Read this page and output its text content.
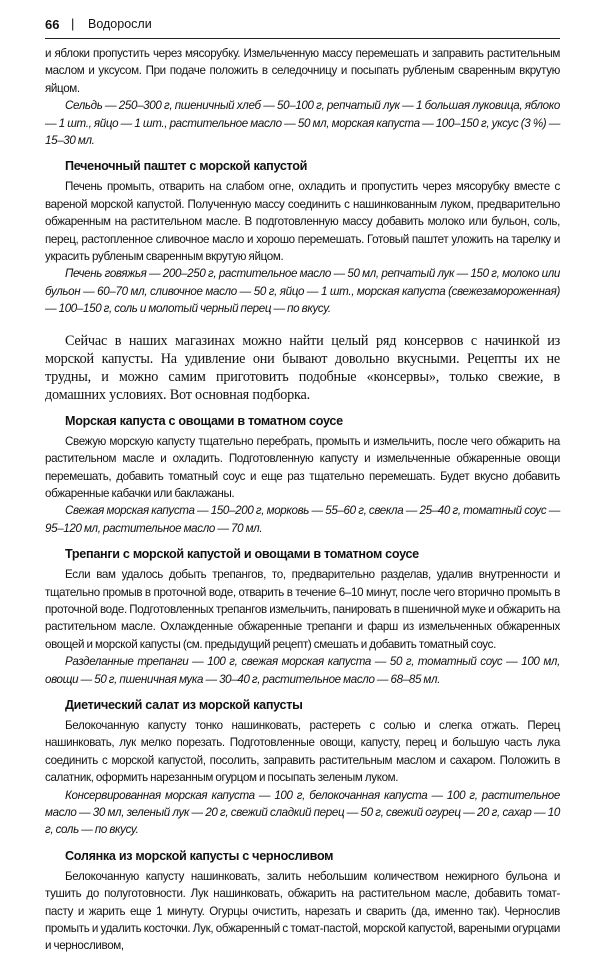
66 | Водоросли

и яблоки пропустить через мясорубку. Измельченную массу перемешать и заправить растительным маслом и уксусом. При подаче положить в селедочницу и посыпать рубленым сваренным вкрутую яйцом.

Сельдь — 250–300 г, пшеничный хлеб — 50–100 г, репчатый лук — 1 большая луковица, яблоко — 1 шт., яйцо — 1 шт., растительное масло — 50 мл, морская капуста — 100–150 г, уксус (3 %) — 15–30 мл.

Печеночный паштет с морской капустой

Печень промыть, отварить на слабом огне, охладить и пропустить через мясорубку вместе с вареной морской капустой. Полученную массу соединить с нашинкованным луком, предварительно обжаренным на растительном масле. В подготовленную массу добавить молоко или бульон, соль, перец, растопленное сливочное масло и хорошо перемешать. Готовый паштет уложить на тарелку и украсить рубленым сваренным вкрутую яйцом.

Печень говяжья — 200–250 г, растительное масло — 50 мл, репчатый лук — 150 г, молоко или бульон — 60–70 мл, сливочное масло — 50 г, яйцо — 1 шт., морская капуста (свежезамороженная) — 100–150 г, соль и молотый черный перец — по вкусу.

Сейчас в наших магазинах можно найти целый ряд консервов с начинкой из морской капусты. На удивление они бывают довольно вкусными. Рецепты их не трудны, и можно самим приготовить подобные «консервы», только свежие, в домашних условиях. Вот основная подборка.

Морская капуста с овощами в томатном соусе

Свежую морскую капусту тщательно перебрать, промыть и измельчить, после чего обжарить на растительном масле и охладить. Подготовленную капусту и измельченные обжаренные овощи перемешать, добавить томатный соус и еще раз тщательно перемешать. Будет вкусно добавить обжаренные кабачки или баклажаны.

Свежая морская капуста — 150–200 г, морковь — 55–60 г, свекла — 25–40 г, томатный соус — 95–120 мл, растительное масло — 70 мл.

Трепанги с морской капустой и овощами в томатном соусе

Если вам удалось добыть трепангов, то, предварительно разделав, удалив внутренности и тщательно промыв в проточной воде, отварить в течение 6–10 минут, после чего вторично промыть в проточной воде. Подготовленных трепангов измельчить, панировать в пшеничной муке и обжарить на растительном масле. Охлажденные обжаренные трепанги и фарш из измельченных обжаренных овощей и морской капусты (см. предыдущий рецепт) смешать и добавить томатный соус.

Разделанные трепанги — 100 г, свежая морская капуста — 50 г, томатный соус — 100 мл, овощи — 50 г, пшеничная мука — 30–40 г, растительное масло — 68–85 мл.

Диетический салат из морской капусты

Белокочанную капусту тонко нашинковать, растереть с солью и слегка отжать. Перец нашинковать, лук мелко порезать. Подготовленные овощи, капусту, перец и большую часть лука соединить с морской капустой, посолить, заправить растительным маслом и сахаром. Положить в салатник, оформить нарезанным огурцом и посыпать зеленым луком.

Консервированная морская капуста — 100 г, белокочанная капуста — 100 г, растительное масло — 30 мл, зеленый лук — 20 г, свежий сладкий перец — 50 г, свежий огурец — 20 г, сахар — 10 г, соль — по вкусу.

Солянка из морской капусты с черносливом

Белокочанную капусту нашинковать, залить небольшим количеством нежирного бульона и тушить до полуготовности. Лук нашинковать, обжарить на растительном масле, добавить томат-пасту и жарить еще 1 минуту. Огурцы очистить, нарезать и сварить (да, именно так). Чернослив промыть и удалить косточки. Лук, обжаренный с томат-пастой, морской капустой, вареными огурцами и черносливом,
